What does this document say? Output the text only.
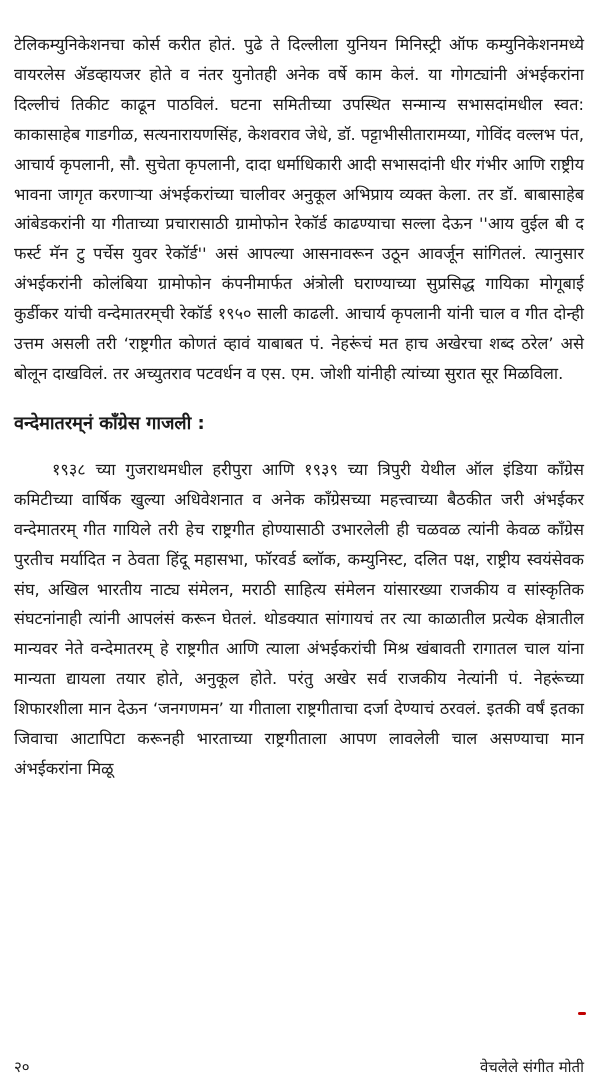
टेलिकम्युनिकेशनचा कोर्स करीत होतं. पुढे ते दिल्लीला युनियन मिनिस्ट्री ऑफ कम्युनिकेशनमध्ये वायरलेस ॲडव्हायजर होते व नंतर युनोतही अनेक वर्षे काम केलं. या गोगट्यांनी अंभईकरांना दिल्लीचं तिकीट काढून पाठविलं. घटना समितीच्या उपस्थित सन्मान्य सभासदांमधील स्वत: काकासाहेब गाडगीळ, सत्यनारायणसिंह, केशवराव जेधे, डॉ. पट्टाभीसीतारामय्या, गोविंद वल्लभ पंत, आचार्य कृपलानी, सौ. सुचेता कृपलानी, दादा धर्माधिकारी आदी सभासदांनी धीर गंभीर आणि राष्ट्रीय भावना जागृत करणाऱ्या अंभईकरांच्या चालीवर अनुकूल अभिप्राय व्यक्त केला. तर डॉ. बाबासाहेब आंबेडकरांनी या गीताच्या प्रचारासाठी ग्रामोफोन रेकॉर्ड काढण्याचा सल्ला देऊन ''आय वुईल बी द फर्स्ट मॅन टु पर्चेस युवर रेकॉर्ड'' असं आपल्या आसनावरून उठून आवर्जून सांगितलं. त्यानुसार अंभईकरांनी कोलंबिया ग्रामोफोन कंपनीमार्फत अंत्रोली घराण्याच्या सुप्रसिद्ध गायिका मोगूबाई कुर्डीकर यांची वन्देमातरम्‌ची रेकॉर्ड १९५० साली काढली. आचार्य कृपलानी यांनी चाल व गीत दोन्ही उत्तम असली तरी ‘राष्ट्रगीत कोणतं व्हावं याबाबत पं. नेहरूंचं मत हाच अखेरचा शब्द ठरेल’ असे बोलून दाखविलं. तर अच्युतराव पटवर्धन व एस. एम. जोशी यांनीही त्यांच्या सुरात सूर मिळविला.

वन्देमातरम्‌नं कॉंग्रेस गाजली :

१९३८ च्या गुजराथमधील हरीपुरा आणि १९३९ च्या त्रिपुरी येथील ऑल इंडिया कॉंग्रेस कमिटीच्या वार्षिक खुल्या अधिवेशनात व अनेक कॉंग्रेसच्या महत्त्वाच्या बैठकीत जरी अंभईकर वन्देमातरम्‌ गीत गायिले तरी हेच राष्ट्रगीत होण्यासाठी उभारलेली ही चळवळ त्यांनी केवळ कॉंग्रेस पुरतीच मर्यादित न ठेवता हिंदू महासभा, फॉरवर्ड ब्लॉक, कम्युनिस्ट, दलित पक्ष, राष्ट्रीय स्वयंसेवक संघ, अखिल भारतीय नाट्य संमेलन, मराठी साहित्य संमेलन यांसारख्या राजकीय व सांस्कृतिक संघटनांनाही त्यांनी आपलंसं करून घेतलं. थोडक्यात सांगायचं तर त्या काळातील प्रत्येक क्षेत्रातील मान्यवर नेते वन्देमातरम्‌ हे राष्ट्रगीत आणि त्याला अंभईकरांची मिश्र खंबावती रागातल चाल यांना मान्यता द्यायला तयार होते, अनुकूल होते. परंतु अखेर सर्व राजकीय नेत्यांनी पं. नेहरूंच्या शिफारशीला मान देऊन ‘जनगणमन’ या गीताला राष्ट्रगीताचा दर्जा देण्याचं ठरवलं. इतकी वर्षं इतका जिवाचा आटापिटा करूनही भारताच्या राष्ट्रगीताला आपण लावलेली चाल असण्याचा मान अंभईकरांना मिळू

२०	वेचलेले संगीत मोती
